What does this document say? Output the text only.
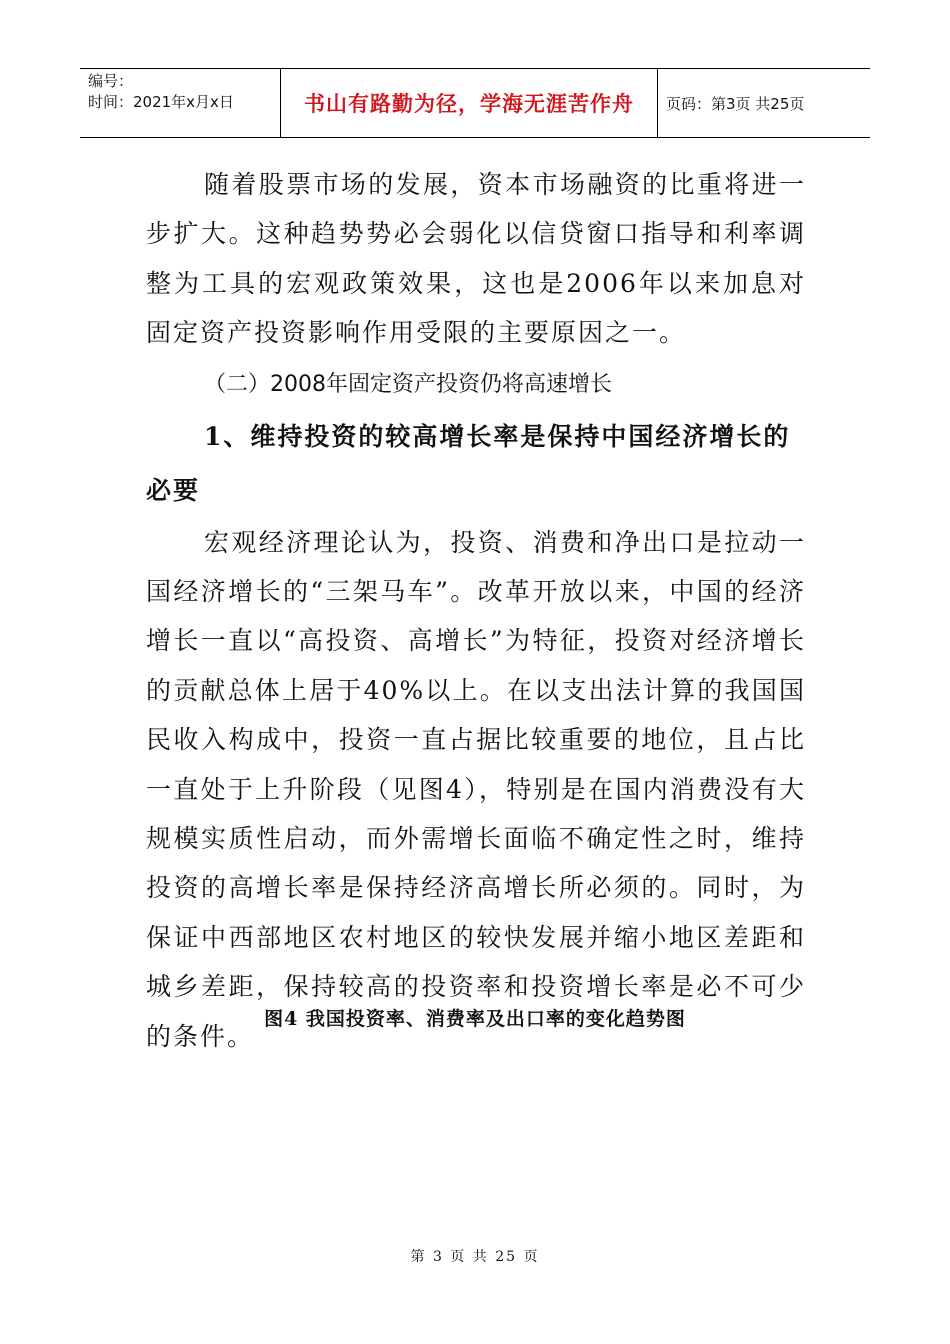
编号：
时间：2021年x月x日	书山有路勤为径，学海无涯苦作舟	页码：第3页 共25页

随着股票市场的发展，资本市场融资的比重将进一步扩大。这种趋势势必会弱化以信贷窗口指导和利率调整为工具的宏观政策效果，这也是2006年以来加息对固定资产投资影响作用受限的主要原因之一。

（二）2008年固定资产投资仍将高速增长

1、维持投资的较高增长率是保持中国经济增长的必要

宏观经济理论认为，投资、消费和净出口是拉动一国经济增长的“三架马车”。改革开放以来，中国的经济增长一直以“高投资、高增长”为特征，投资对经济增长的贡献总体上居于40%以上。在以支出法计算的我国国民收入构成中，投资一直占据比较重要的地位，且占比一直处于上升阶段（见图4），特别是在国内消费没有大规模实质性启动，而外需增长面临不确定性之时，维持投资的高增长率是保持经济高增长所必须的。同时，为保证中西部地区农村地区的较快发展并缩小地区差距和城乡差距，保持较高的投资率和投资增长率是必不可少的条件。

图4 我国投资率、消费率及出口率的变化趋势图
第 3 页 共 25 页
